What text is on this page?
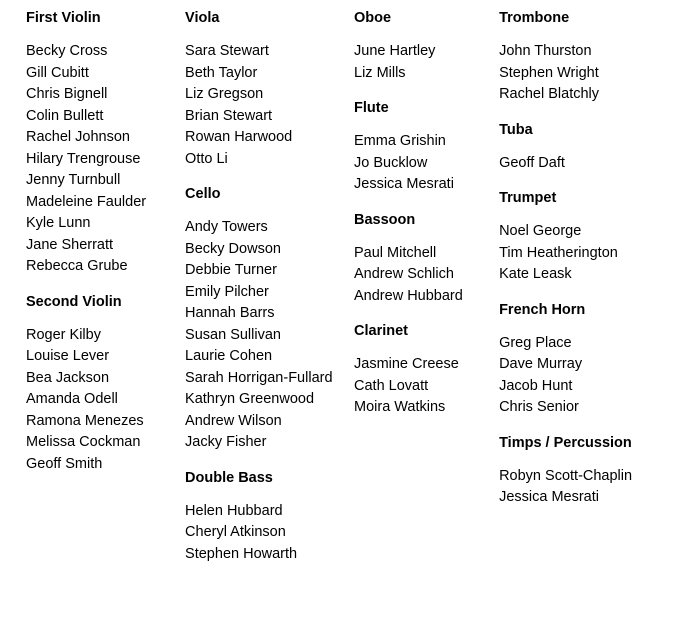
First Violin
Becky Cross
Gill Cubitt
Chris Bignell
Colin Bullett
Rachel Johnson
Hilary Trengrouse
Jenny Turnbull
Madeleine Faulder
Kyle Lunn
Jane Sherratt
Rebecca Grube
Second Violin
Roger Kilby
Louise Lever
Bea Jackson
Amanda Odell
Ramona Menezes
Melissa Cockman
Geoff Smith
Viola
Sara Stewart
Beth Taylor
Liz Gregson
Brian Stewart
Rowan Harwood
Otto Li
Cello
Andy Towers
Becky Dowson
Debbie Turner
Emily Pilcher
Hannah Barrs
Susan Sullivan
Laurie Cohen
Sarah Horrigan-Fullard
Kathryn Greenwood
Andrew Wilson
Jacky Fisher
Double Bass
Helen Hubbard
Cheryl Atkinson
Stephen Howarth
Oboe
June Hartley
Liz Mills
Flute
Emma Grishin
Jo Bucklow
Jessica Mesrati
Bassoon
Paul Mitchell
Andrew Schlich
Andrew Hubbard
Clarinet
Jasmine Creese
Cath Lovatt
Moira Watkins
Trombone
John Thurston
Stephen Wright
Rachel Blatchly
Tuba
Geoff Daft
Trumpet
Noel George
Tim Heatherington
Kate Leask
French Horn
Greg Place
Dave Murray
Jacob Hunt
Chris Senior
Timps / Percussion
Robyn Scott-Chaplin
Jessica Mesrati
